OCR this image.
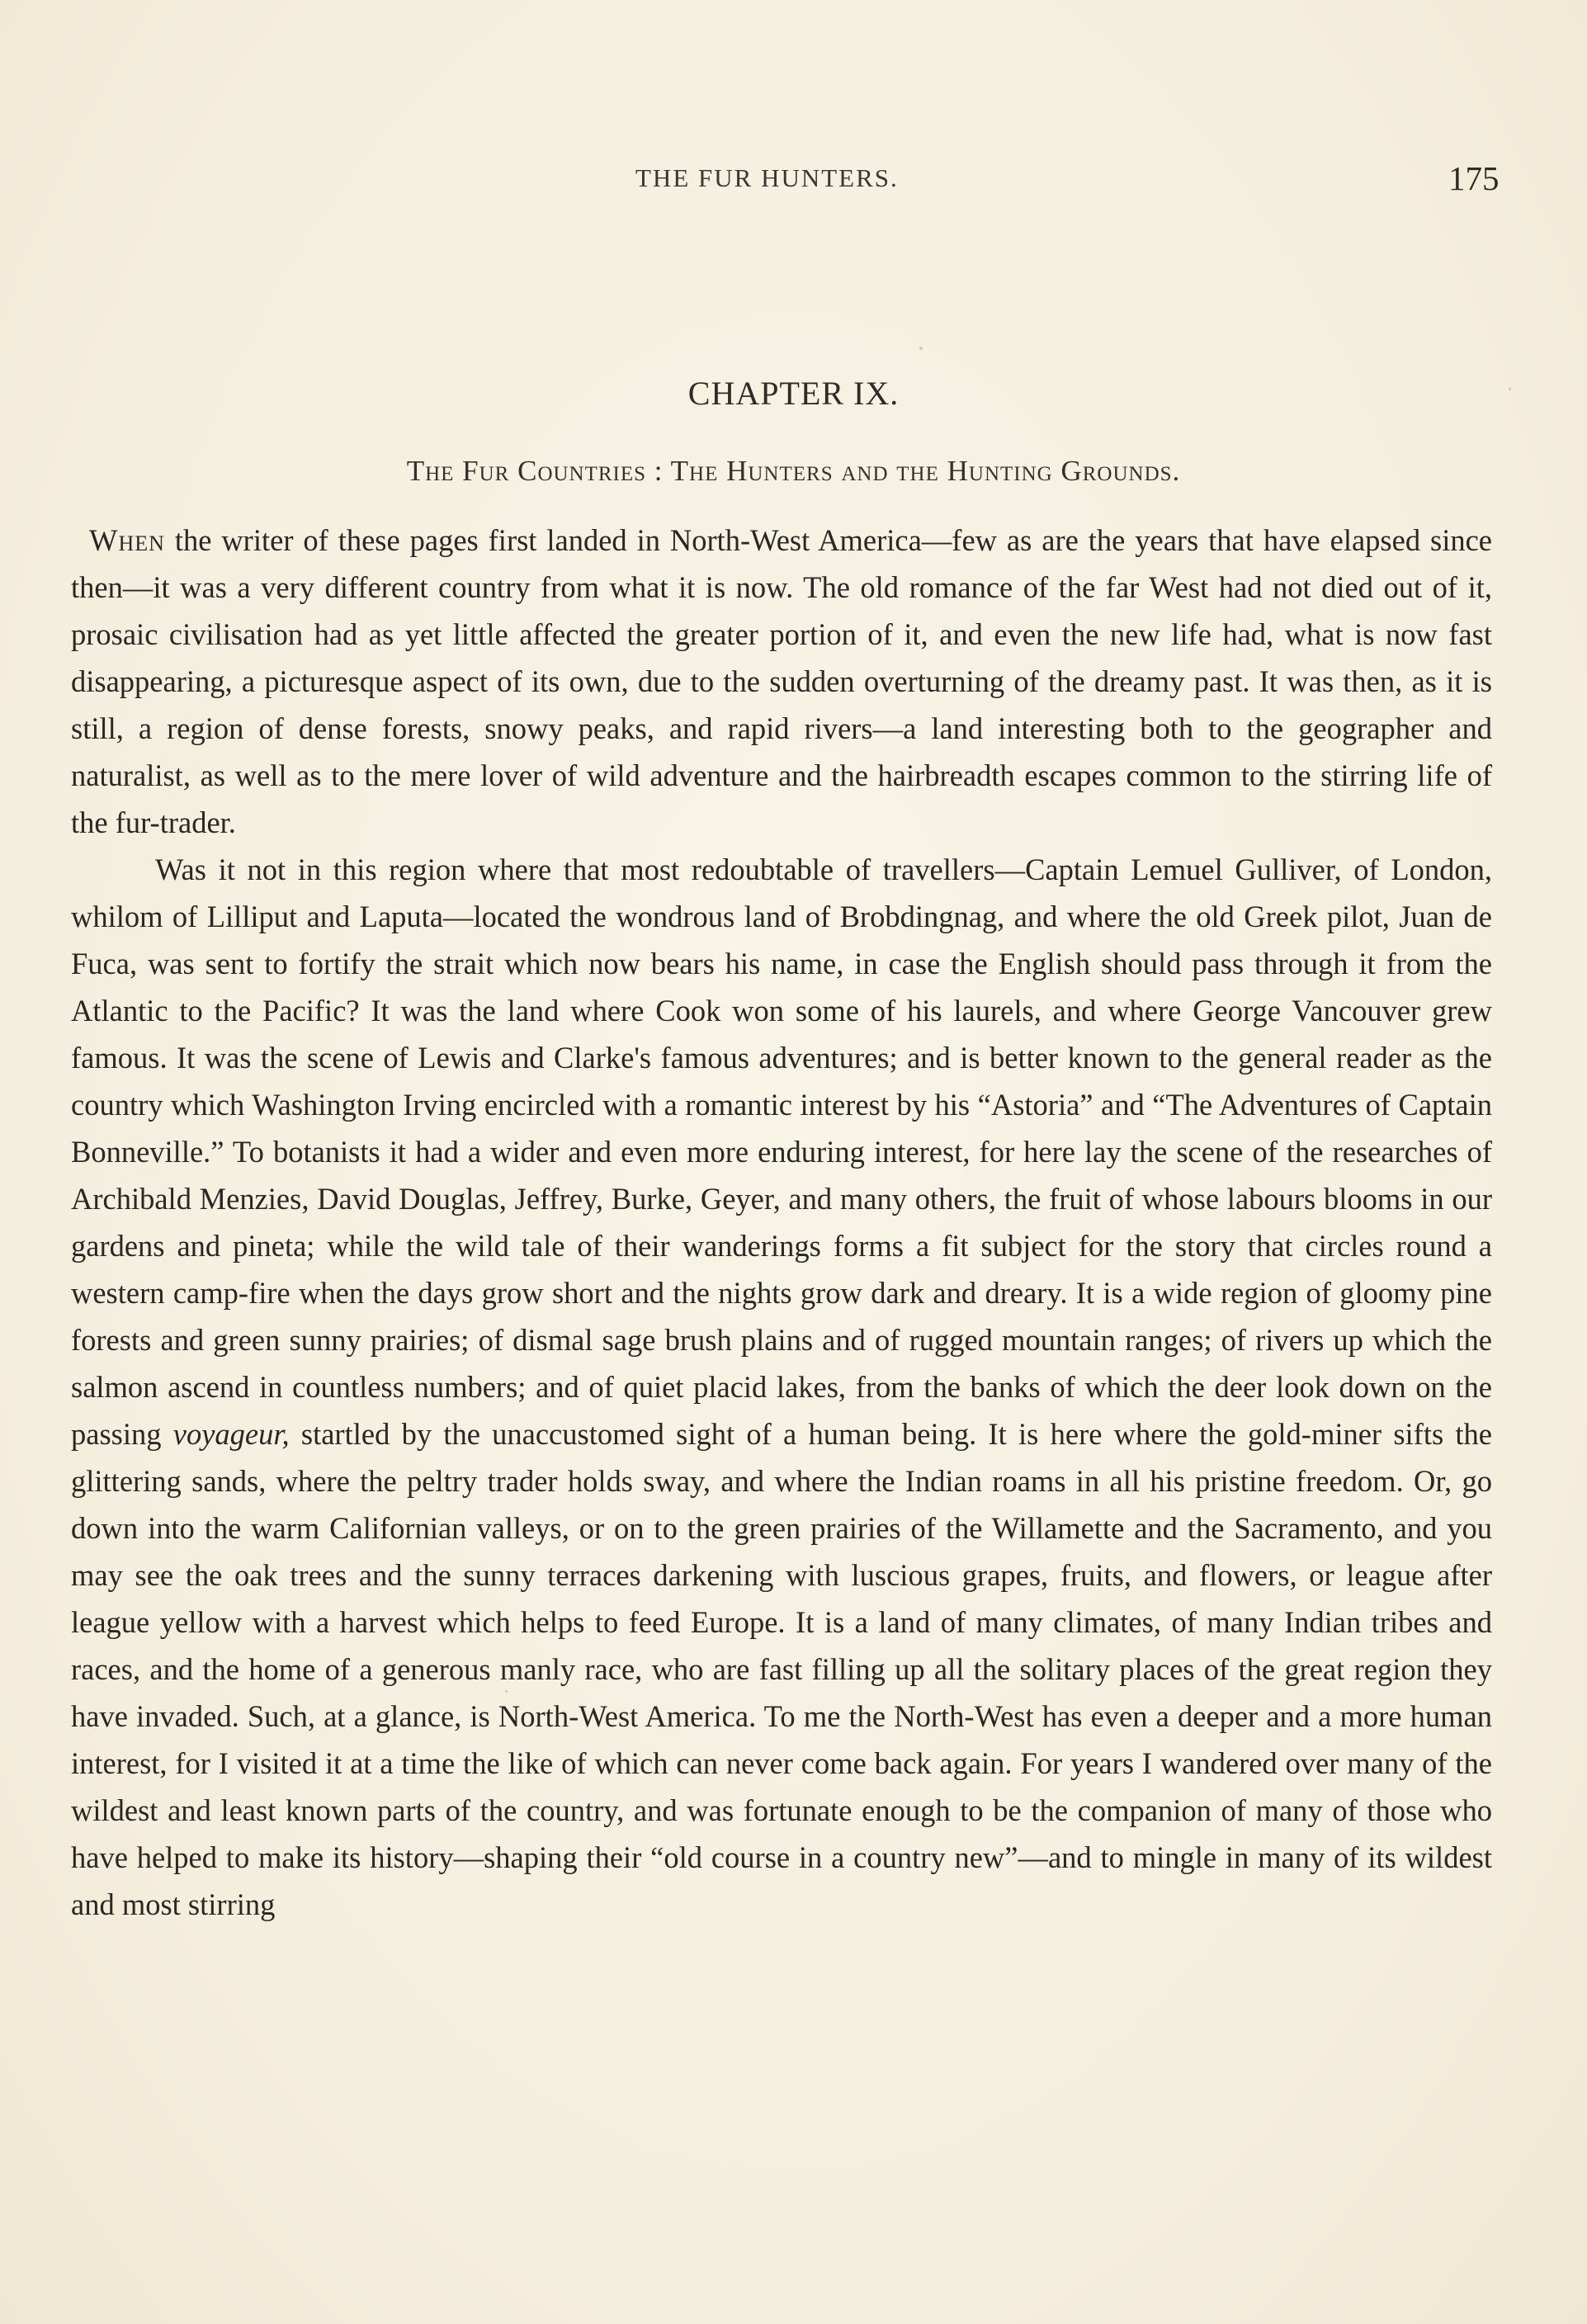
THE FUR HUNTERS.	175
CHAPTER IX.
The Fur Countries : The Hunters and the Hunting Grounds.

When the writer of these pages first landed in North-West America—few as are the years that have elapsed since then—it was a very different country from what it is now. The old romance of the far West had not died out of it, prosaic civilisation had as yet little affected the greater portion of it, and even the new life had, what is now fast disappearing, a picturesque aspect of its own, due to the sudden overturning of the dreamy past. It was then, as it is still, a region of dense forests, snowy peaks, and rapid rivers—a land interesting both to the geographer and naturalist, as well as to the mere lover of wild adventure and the hairbreadth escapes common to the stirring life of the fur-trader.

Was it not in this region where that most redoubtable of travellers—Captain Lemuel Gulliver, of London, whilom of Lilliput and Laputa—located the wondrous land of Brobdingnag, and where the old Greek pilot, Juan de Fuca, was sent to fortify the strait which now bears his name, in case the English should pass through it from the Atlantic to the Pacific? It was the land where Cook won some of his laurels, and where George Vancouver grew famous. It was the scene of Lewis and Clarke's famous adventures; and is better known to the general reader as the country which Washington Irving encircled with a romantic interest by his “Astoria” and “The Adventures of Captain Bonneville.” To botanists it had a wider and even more enduring interest, for here lay the scene of the researches of Archibald Menzies, David Douglas, Jeffrey, Burke, Geyer, and many others, the fruit of whose labours blooms in our gardens and pineta; while the wild tale of their wanderings forms a fit subject for the story that circles round a western camp-fire when the days grow short and the nights grow dark and dreary. It is a wide region of gloomy pine forests and green sunny prairies; of dismal sage brush plains and of rugged mountain ranges; of rivers up which the salmon ascend in countless numbers; and of quiet placid lakes, from the banks of which the deer look down on the passing voyageur, startled by the unaccustomed sight of a human being. It is here where the gold-miner sifts the glittering sands, where the peltry trader holds sway, and where the Indian roams in all his pristine freedom. Or, go down into the warm Californian valleys, or on to the green prairies of the Willamette and the Sacramento, and you may see the oak trees and the sunny terraces darkening with luscious grapes, fruits, and flowers, or league after league yellow with a harvest which helps to feed Europe. It is a land of many climates, of many Indian tribes and races, and the home of a generous manly race, who are fast filling up all the solitary places of the great region they have invaded. Such, at a glance, is North-West America. To me the North-West has even a deeper and a more human interest, for I visited it at a time the like of which can never come back again. For years I wandered over many of the wildest and least known parts of the country, and was fortunate enough to be the companion of many of those who have helped to make its history—shaping their “old course in a country new”—and to mingle in many of its wildest and most stirring
